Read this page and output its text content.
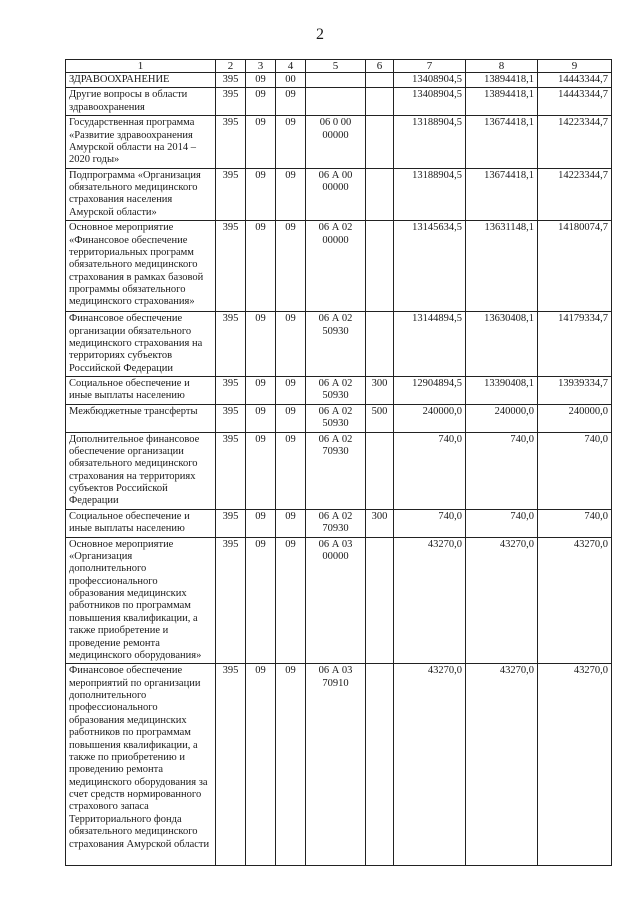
2
1	2	3	4	5	6	7	8	9
ЗДРАВООХРАНЕНИЕ	395	09	00			13408904,5	13894418,1	14443344,7
Другие вопросы в области здравоохранения	395	09	09			13408904,5	13894418,1	14443344,7
Государственная программа «Развитие здравоохранения Амурской области на 2014 – 2020 годы»	395	09	09	06 0 00 00000		13188904,5	13674418,1	14223344,7
Подпрограмма «Организация обязательного медицинского страхования населения Амурской области»	395	09	09	06 А 00 00000		13188904,5	13674418,1	14223344,7
Основное мероприятие «Финансовое обеспечение территориальных программ обязательного медицинского страхования в рамках базовой программы обязательного медицинского страхования»	395	09	09	06 А 02 00000		13145634,5	13631148,1	14180074,7
Финансовое обеспечение организации обязательного медицинского страхования на территориях субъектов Российской Федерации	395	09	09	06 А 02 50930		13144894,5	13630408,1	14179334,7
Социальное обеспечение и иные выплаты населению	395	09	09	06 А 02 50930	300	12904894,5	13390408,1	13939334,7
Межбюджетные трансферты	395	09	09	06 А 02 50930	500	240000,0	240000,0	240000,0
Дополнительное финансовое обеспечение организации обязательного медицинского страхования на территориях субъектов Российской Федерации	395	09	09	06 А 02 70930		740,0	740,0	740,0
Социальное обеспечение и иные выплаты населению	395	09	09	06 А 02 70930	300	740,0	740,0	740,0
Основное мероприятие «Организация дополнительного профессионального образования медицинских работников по программам повышения квалификации, а также приобретение и проведение ремонта медицинского оборудования»	395	09	09	06 А 03 00000		43270,0	43270,0	43270,0
Финансовое обеспечение мероприятий по организации дополнительного профессионального образования медицинских работников по программам повышения квалификации, а также по приобретению и проведению ремонта медицинского оборудования за счет средств нормированного страхового запаса Территориального фонда обязательного медицинского страхования Амурской области	395	09	09	06 А 03 70910		43270,0	43270,0	43270,0
